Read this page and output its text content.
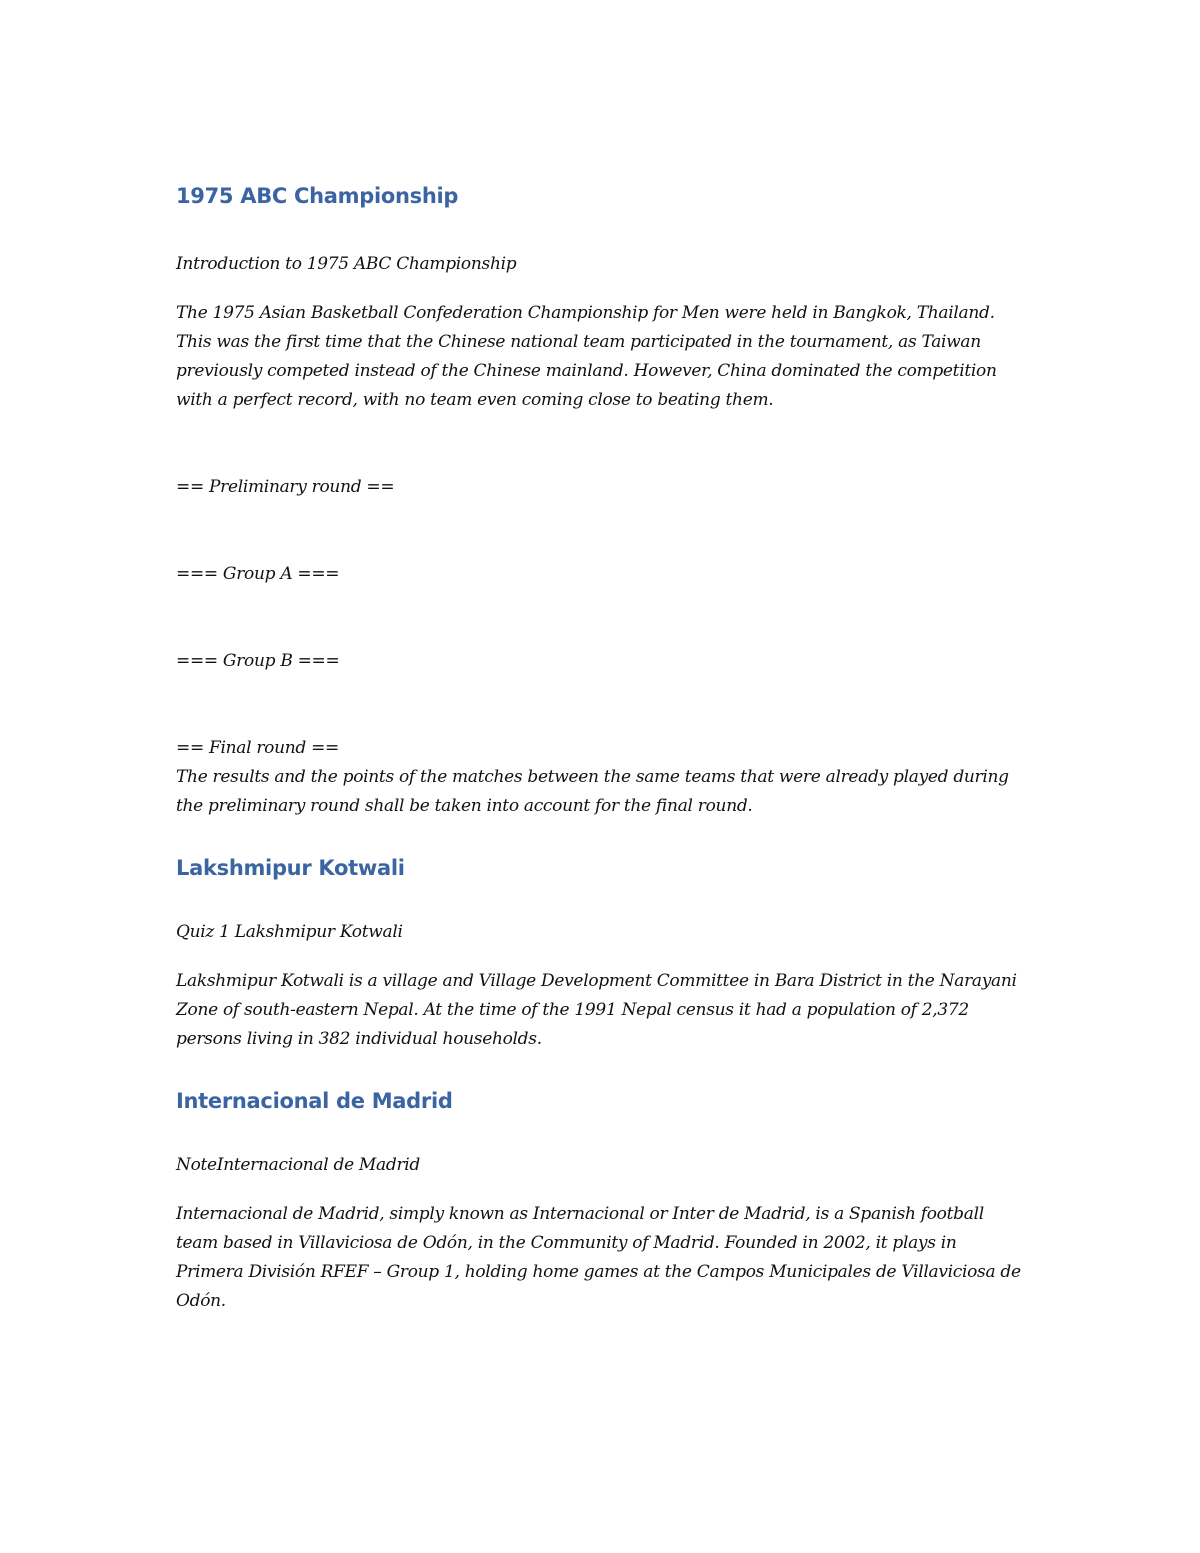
1975 ABC Championship

Introduction to 1975 ABC Championship

The 1975 Asian Basketball Confederation Championship for Men were held in Bangkok, Thailand. This was the first time that the Chinese national team participated in the tournament, as Taiwan previously competed instead of the Chinese mainland. However, China dominated the competition with a perfect record, with no team even coming close to beating them.

== Preliminary round ==

=== Group A ===

=== Group B ===

== Final round ==

The results and the points of the matches between the same teams that were already played during the preliminary round shall be taken into account for the final round.

Lakshmipur Kotwali

Quiz 1 Lakshmipur Kotwali

Lakshmipur Kotwali is a village and Village Development Committee in Bara District in the Narayani Zone of south-eastern Nepal. At the time of the 1991 Nepal census it had a population of 2,372 persons living in 382 individual households.

Internacional de Madrid

NoteInternacional de Madrid

Internacional de Madrid, simply known as Internacional or Inter de Madrid, is a Spanish football team based in Villaviciosa de Odón, in the Community of Madrid. Founded in 2002, it plays in Primera División RFEF – Group 1, holding home games at the Campos Municipales de Villaviciosa de Odón.
